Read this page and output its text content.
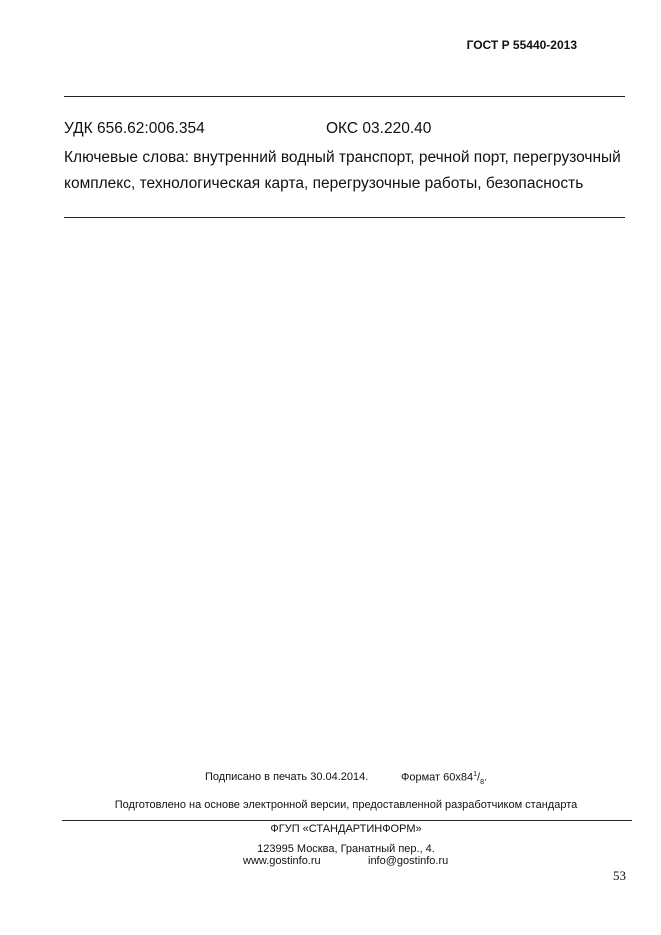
ГОСТ Р 55440-2013
УДК 656.62:006.354	ОКС 03.220.40
Ключевые слова: внутренний водный транспорт, речной порт, перегрузочный
комплекс, технологическая карта, перегрузочные работы, безопасность
Подписано в печать 30.04.2014.	Формат $60х84^1/_8$.
Подготовлено на основе электронной версии, предоставленной разработчиком стандарта
ФГУП «СТАНДАРТИНФОРМ»
123995 Москва, Гранатный пер., 4.
www.gostinfo.ru	info@gostinfo.ru
53
